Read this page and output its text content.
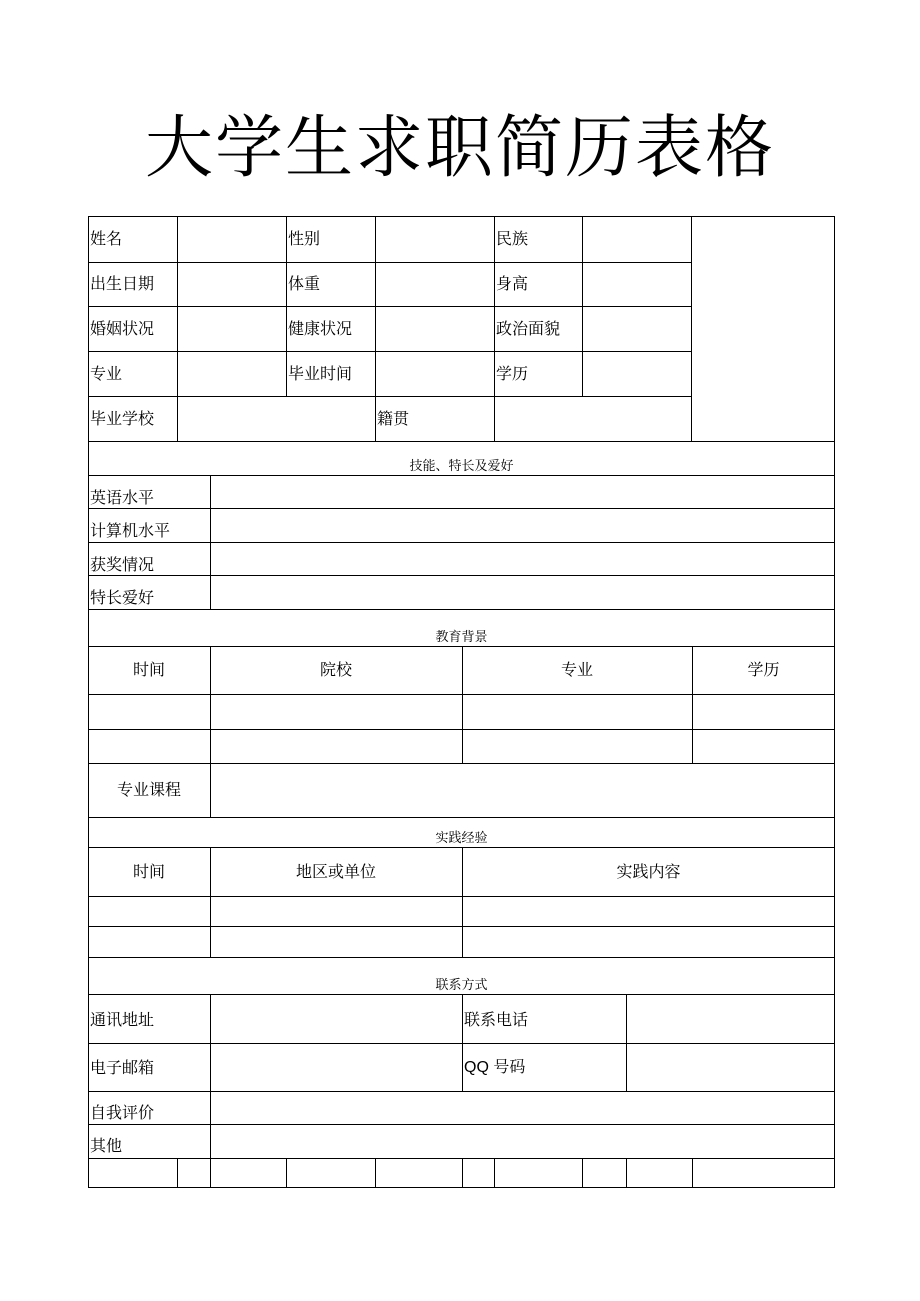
大学生求职简历表格
姓名	性别	民族
出生日期	体重	身高
婚姻状况	健康状况	政治面貌
专业	毕业时间	学历
毕业学校	籍贯
技能、特长及爱好
英语水平
计算机水平
获奖情况
特长爱好
教育背景
时间	院校	专业	学历
专业课程
实践经验
时间	地区或单位	实践内容
联系方式
通讯地址	联系电话
电子邮箱	QQ 号码
自我评价
其他
